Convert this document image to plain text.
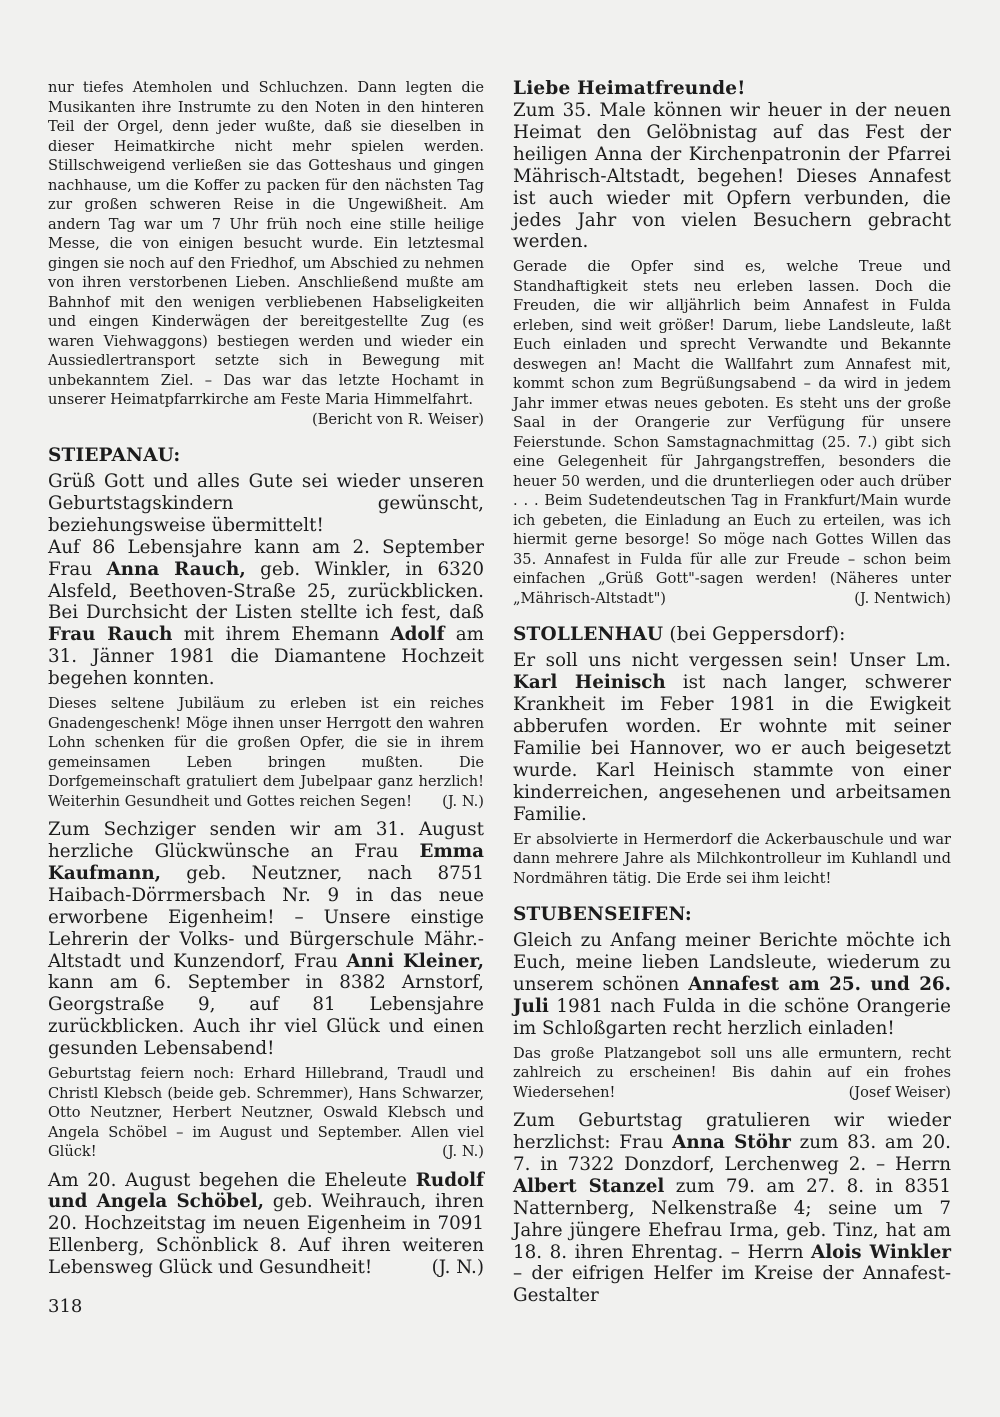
nur tiefes Atemholen und Schluchzen. Dann legten die Musikanten ihre Instrumte zu den Noten in den hinteren Teil der Orgel, denn jeder wußte, daß sie dieselben in dieser Heimatkirche nicht mehr spielen werden. Stillschweigend verließen sie das Gotteshaus und gingen nachhause, um die Koffer zu packen für den nächsten Tag zur großen schweren Reise in die Ungewißheit. Am andern Tag war um 7 Uhr früh noch eine stille heilige Messe, die von einigen besucht wurde. Ein letztesmal gingen sie noch auf den Friedhof, um Abschied zu nehmen von ihren verstorbenen Lieben. Anschließend mußte am Bahnhof mit den wenigen verbliebenen Habseligkeiten und eingen Kinderwägen der bereitgestellte Zug (es waren Viehwaggons) bestiegen werden und wieder ein Aussiedlertransport setzte sich in Bewegung mit unbekanntem Ziel. – Das war das letzte Hochamt in unserer Heimatpfarrkirche am Feste Maria Himmelfahrt.

(Bericht von R. Weiser)
STIEPANAU:

Grüß Gott und alles Gute sei wieder unseren Geburtstagskindern gewünscht, beziehungsweise übermittelt!

Auf 86 Lebensjahre kann am 2. September Frau Anna Rauch, geb. Winkler, in 6320 Alsfeld, Beethoven-Straße 25, zurückblicken. Bei Durchsicht der Listen stellte ich fest, daß Frau Rauch mit ihrem Ehemann Adolf am 31. Jänner 1981 die Diamantene Hochzeit begehen konnten.

Dieses seltene Jubiläum zu erleben ist ein reiches Gnadengeschenk! Möge ihnen unser Herrgott den wahren Lohn schenken für die großen Opfer, die sie in ihrem gemeinsamen Leben bringen mußten. Die Dorfgemeinschaft gratuliert dem Jubelpaar ganz herzlich! Weiterhin Gesundheit und Gottes reichen Segen! (J. N.)

Zum Sechziger senden wir am 31. August herzliche Glückwünsche an Frau Emma Kaufmann, geb. Neutzner, nach 8751 Haibach-Dörrmersbach Nr. 9 in das neue erworbene Eigenheim! – Unsere einstige Lehrerin der Volks- und Bürgerschule Mähr.-Altstadt und Kunzendorf, Frau Anni Kleiner, kann am 6. September in 8382 Arnstorf, Georgstraße 9, auf 81 Lebensjahre zurückblicken. Auch ihr viel Glück und einen gesunden Lebensabend!

Geburtstag feiern noch: Erhard Hillebrand, Traudl und Christl Klebsch (beide geb. Schremmer), Hans Schwarzer, Otto Neutzner, Herbert Neutzner, Oswald Klebsch und Angela Schöbel – im August und September. Allen viel Glück!	(J. N.)

Am 20. August begehen die Eheleute Rudolf und Angela Schöbel, geb. Weihrauch, ihren 20. Hochzeitstag im neuen Eigenheim in 7091 Ellenberg, Schönblick 8. Auf ihren weiteren Lebensweg Glück und Gesundheit!	(J. N.)

Liebe Heimatfreunde!

Zum 35. Male können wir heuer in der neuen Heimat den Gelöbnistag auf das Fest der heiligen Anna der Kirchenpatronin der Pfarrei Mährisch-Altstadt, begehen! Dieses Annafest ist auch wieder mit Opfern verbunden, die jedes Jahr von vielen Besuchern gebracht werden.

Gerade die Opfer sind es, welche Treue und Standhaftigkeit stets neu erleben lassen. Doch die Freuden, die wir alljährlich beim Annafest in Fulda erleben, sind weit größer! Darum, liebe Landsleute, laßt Euch einladen und sprecht Verwandte und Bekannte deswegen an! Macht die Wallfahrt zum Annafest mit, kommt schon zum Begrüßungsabend – da wird in jedem Jahr immer etwas neues geboten. Es steht uns der große Saal in der Orangerie zur Verfügung für unsere Feierstunde. Schon Samstagnachmittag (25. 7.) gibt sich eine Gelegenheit für Jahrgangstreffen, besonders die heuer 50 werden, und die drunterliegen oder auch drüber . . . Beim Sudetendeutschen Tag in Frankfurt/Main wurde ich gebeten, die Einladung an Euch zu erteilen, was ich hiermit gerne besorge! So möge nach Gottes Willen das 35. Annafest in Fulda für alle zur Freude – schon beim einfachen „Grüß Gott"-sagen werden! (Näheres unter „Mährisch-Altstadt")	(J. Nentwich)

STOLLENHAU (bei Geppersdorf):

Er soll uns nicht vergessen sein! Unser Lm. Karl Heinisch ist nach langer, schwerer Krankheit im Feber 1981 in die Ewigkeit abberufen worden. Er wohnte mit seiner Familie bei Hannover, wo er auch beigesetzt wurde. Karl Heinisch stammte von einer kinderreichen, angesehenen und arbeitsamen Familie.

Er absolvierte in Hermerdorf die Ackerbauschule und war dann mehrere Jahre als Milchkontrolleur im Kuhlandl und Nordmähren tätig. Die Erde sei ihm leicht!

STUBENSEIFEN:

Gleich zu Anfang meiner Berichte möchte ich Euch, meine lieben Landsleute, wiederum zu unserem schönen Annafest am 25. und 26. Juli 1981 nach Fulda in die schöne Orangerie im Schloßgarten recht herzlich einladen!

Das große Platzangebot soll uns alle ermuntern, recht zahlreich zu erscheinen! Bis dahin auf ein frohes Wiedersehen!	(Josef Weiser)

Zum Geburtstag gratulieren wir wieder herzlichst: Frau Anna Stöhr zum 83. am 20. 7. in 7322 Donzdorf, Lerchenweg 2. – Herrn Albert Stanzel zum 79. am 27. 8. in 8351 Natternberg, Nelkenstraße 4; seine um 7 Jahre jüngere Ehefrau Irma, geb. Tinz, hat am 18. 8. ihren Ehrentag. – Herrn Alois Winkler – der eifrigen Helfer im Kreise der Annafest-Gestalter

318
